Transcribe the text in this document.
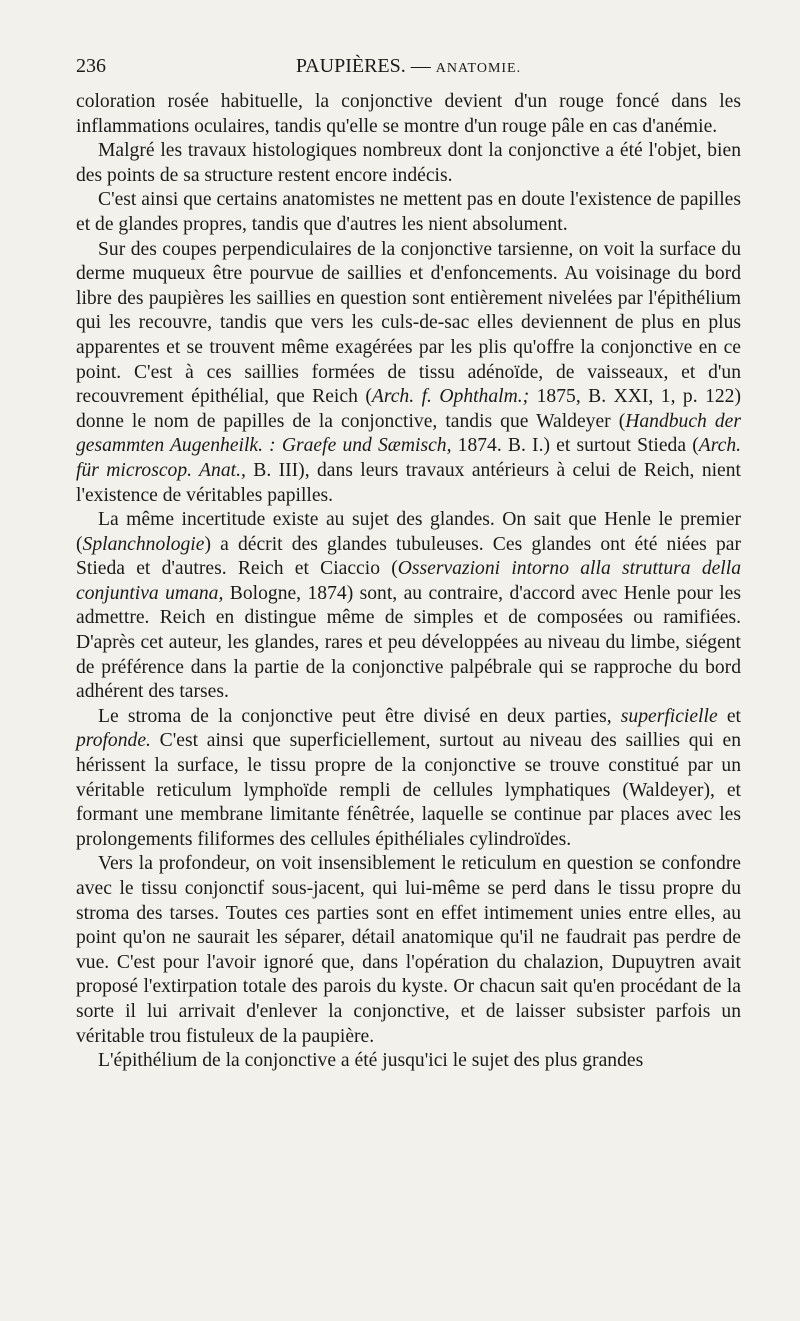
236	PAUPIÈRES. — ANATOMIE.

coloration rosée habituelle, la conjonctive devient d'un rouge foncé dans les inflammations oculaires, tandis qu'elle se montre d'un rouge pâle en cas d'anémie.

Malgré les travaux histologiques nombreux dont la conjonctive a été l'objet, bien des points de sa structure restent encore indécis.

C'est ainsi que certains anatomistes ne mettent pas en doute l'existence de papilles et de glandes propres, tandis que d'autres les nient absolument.

Sur des coupes perpendiculaires de la conjonctive tarsienne, on voit la surface du derme muqueux être pourvue de saillies et d'enfoncements. Au voisinage du bord libre des paupières les saillies en question sont entièrement nivelées par l'épithélium qui les recouvre, tandis que vers les culs-de-sac elles deviennent de plus en plus apparentes et se trouvent même exagérées par les plis qu'offre la conjonctive en ce point. C'est à ces saillies formées de tissu adénoïde, de vaisseaux, et d'un recouvrement épithélial, que Reich (Arch. f. Ophthalm.; 1875, B. XXI, 1, p. 122) donne le nom de papilles de la conjonctive, tandis que Waldeyer (Handbuch der gesammten Augenheilk. : Graefe und Sæmisch, 1874. B. I.) et surtout Stieda (Arch. für microscop. Anat., B. III), dans leurs travaux antérieurs à celui de Reich, nient l'existence de véritables papilles.

La même incertitude existe au sujet des glandes. On sait que Henle le premier (Splanchnologie) a décrit des glandes tubuleuses. Ces glandes ont été niées par Stieda et d'autres. Reich et Ciaccio (Osservazioni intorno alla struttura della conjuntiva umana, Bologne, 1874) sont, au contraire, d'accord avec Henle pour les admettre. Reich en distingue même de simples et de composées ou ramifiées. D'après cet auteur, les glandes, rares et peu développées au niveau du limbe, siégent de préférence dans la partie de la conjonctive palpébrale qui se rapproche du bord adhérent des tarses.

Le stroma de la conjonctive peut être divisé en deux parties, superficielle et profonde. C'est ainsi que superficiellement, surtout au niveau des saillies qui en hérissent la surface, le tissu propre de la conjonctive se trouve constitué par un véritable reticulum lymphoïde rempli de cellules lymphatiques (Waldeyer), et formant une membrane limitante fénêtrée, laquelle se continue par places avec les prolongements filiformes des cellules épithéliales cylindroïdes.

Vers la profondeur, on voit insensiblement le reticulum en question se confondre avec le tissu conjonctif sous-jacent, qui lui-même se perd dans le tissu propre du stroma des tarses. Toutes ces parties sont en effet intimement unies entre elles, au point qu'on ne saurait les séparer, détail anatomique qu'il ne faudrait pas perdre de vue. C'est pour l'avoir ignoré que, dans l'opération du chalazion, Dupuytren avait proposé l'extirpation totale des parois du kyste. Or chacun sait qu'en procédant de la sorte il lui arrivait d'enlever la conjonctive, et de laisser subsister parfois un véritable trou fistuleux de la paupière.

L'épithélium de la conjonctive a été jusqu'ici le sujet des plus grandes
